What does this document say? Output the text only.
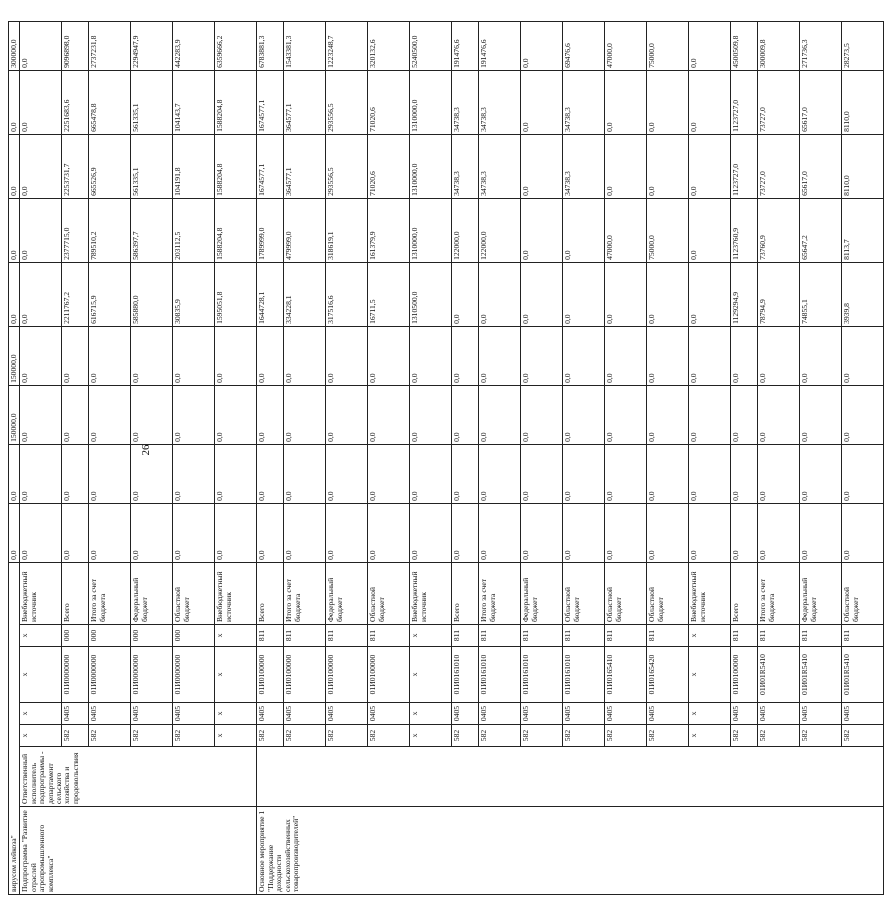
26
вирусом лейкоза"							0,0	0,0	150000,0	150000,0	0,0	0,0	0,0	0,0	300000,0
Подпрограмма "Развитие отраслей агропромышленного комплекса"	Ответственный исполнитель подпрограммы - департамент сельского хозяйства и продовольствия	х	х	х	х	Внебюджетный источник	0,0	0,0	0,0	0,0	0,0	0,0	0,0	0,0	0,0
		582	0405	01И0000000	000	Всего	0,0	0,0	0,0	0,0	2211767,2	2377715,0	2253731,7	2251683,6	9096898,0
		582	0405	01И0000000	000	Итого за счет бюджета	0,0	0,0	0,0	0,0	616715,9	789510,2	665526,9	665478,8	2737231,8
		582	0405	01И0000000	000	Федеральный бюджет	0,0	0,0	0,0	0,0	585880,0	586397,7	561335,1	561335,1	2294947,9
		582	0405	01И0000000	000	Областной бюджет	0,0	0,0	0,0	0,0	30835,9	203112,5	104191,8	104143,7	442283,9
		х	х	х	х	Внебюджетный источник	0,0	0,0	0,0	0,0	1595051,8	1588204,8	1588204,8	1588204,8	6359666,2
Основное мероприятие 1 "Поддержание доходности сельскохозяйственных товаропроизводителей"		582	0405	01И0100000	811	Всего	0,0	0,0	0,0	0,0	1644728,1	1789999,0	1674577,1	1674577,1	6783881,3
		582	0405	01И0100000	811	Итого за счет бюджета	0,0	0,0	0,0	0,0	334228,1	479999,0	364577,1	364577,1	1543381,3
		582	0405	01И0100000	811	Федеральный бюджет	0,0	0,0	0,0	0,0	317516,6	318619,1	293556,5	293556,5	1223248,7
		582	0405	01И0100000	811	Областной бюджет	0,0	0,0	0,0	0,0	16711,5	161379,9	71020,6	71020,6	320132,6
		х	х	х	х	Внебюджетный источник	0,0	0,0	0,0	0,0	1310500,0	1310000,0	1310000,0	1310000,0	5240500,0
		582	0405	01И0161010	811	Всего	0,0	0,0	0,0	0,0	0,0	122000,0	34738,3	34738,3	191476,6
		582	0405	01И0161010	811	Итого за счет бюджета	0,0	0,0	0,0	0,0	0,0	122000,0	34738,3	34738,3	191476,6
		582	0405	01И0161010	811	Федеральный бюджет	0,0	0,0	0,0	0,0	0,0	0,0	0,0	0,0	0,0
		582	0405	01И0161010	811	Областной бюджет	0,0	0,0	0,0	0,0	0,0	0,0	34738,3	34738,3	69476,6
		582	0405	01И0165410	811	Областной бюджет	0,0	0,0	0,0	0,0	0,0	47000,0	0,0	0,0	47000,0
		582	0405	01И0165420	811	Областной бюджет	0,0	0,0	0,0	0,0	0,0	75000,0	0,0	0,0	75000,0
		х	х	х	х	Внебюджетный источник	0,0	0,0	0,0	0,0	0,0	0,0	0,0	0,0	0,0
		582	0405	01И0100000	811	Всего	0,0	0,0	0,0	0,0	1129294,9	1123760,9	1123727,0	1123727,0	4500509,8
		582	0405	01И01R5410	811	Итого за счет бюджета	0,0	0,0	0,0	0,0	78794,9	73760,9	73727,0	73727,0	300009,8
		582	0405	01И01R5410	811	Федеральный бюджет	0,0	0,0	0,0	0,0	74855,1	65647,2	65617,0	65617,0	271736,3
		582	0405	01И01R5410	811	Областной бюджет	0,0	0,0	0,0	0,0	3939,8	8113,7	8110,0	8110,0	28273,5
